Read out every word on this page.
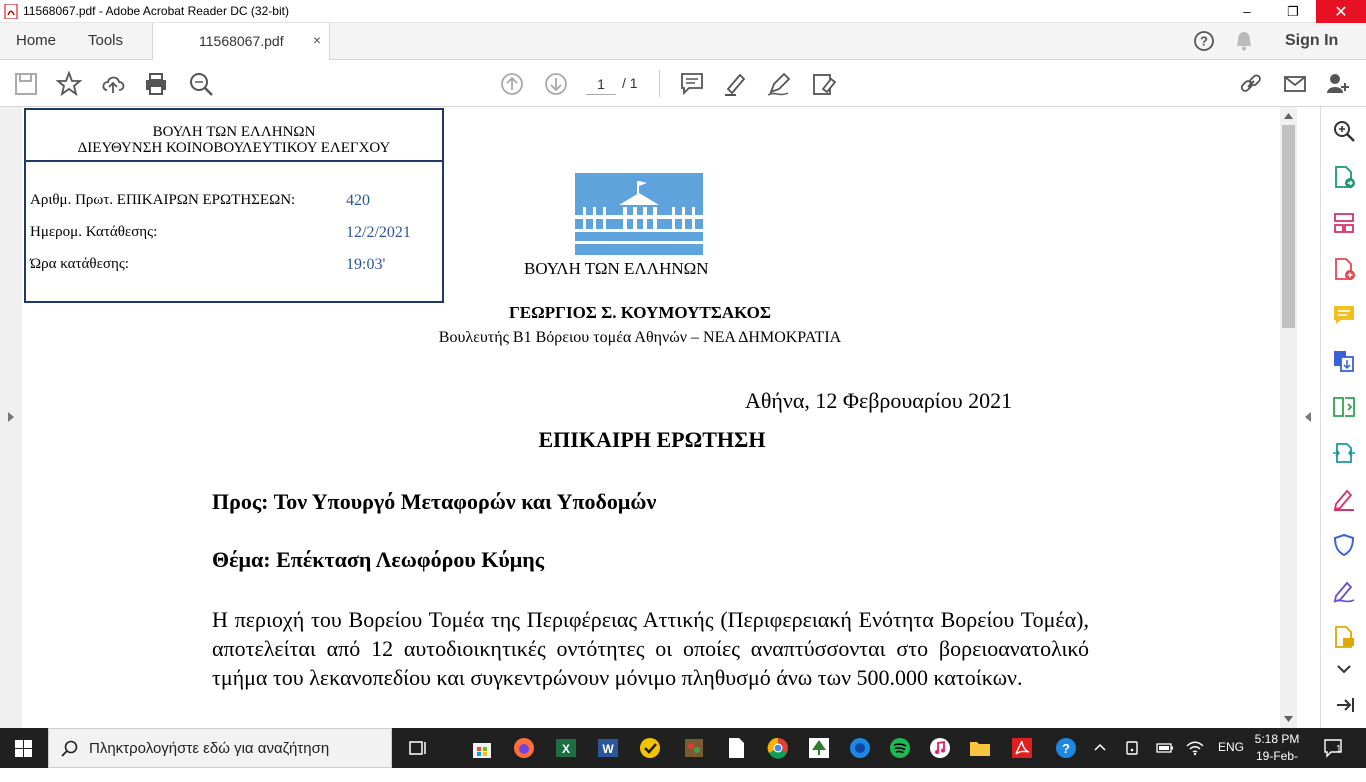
11568067.pdf - Adobe Acrobat Reader DC (32-bit)	–	❐	✕
Home Tools	11568067.pdf ×	?	Sign In
1	/ 1
ΒΟΥΛΗ ΤΩΝ ΕΛΛΗΝΩΝ
ΔΙΕΥΘΥΝΣΗ ΚΟΙΝΟΒΟΥΛΕΥΤΙΚΟΥ ΕΛΕΓΧΟΥ
Αριθμ. Πρωτ. ΕΠΙΚΑΙΡΩΝ ΕΡΩΤΗΣΕΩΝ:	420
Ημερομ. Κατάθεσης:	12/2/2021
Ώρα κατάθεσης:	19:03'	ΒΟΥΛΗ ΤΩΝ ΕΛΛΗΝΩΝ
ΓΕΩΡΓΙΟΣ Σ. ΚΟΥΜΟΥΤΣΑΚΟΣ
Βουλευτής Β1 Βόρειου τομέα Αθηνών – ΝΕΑ ΔΗΜΟΚΡΑΤΙΑ
Αθήνα, 12 Φεβρουαρίου 2021
ΕΠΙΚΑΙΡΗ ΕΡΩΤΗΣΗ
Προς: Τον Υπουργό Μεταφορών και Υποδομών
Θέμα: Επέκταση Λεωφόρου Κύμης
Η περιοχή του Βορείου Τομέα της Περιφέρειας Αττικής (Περιφερειακή Ενότητα Βορείου Τομέα), αποτελείται από 12 αυτοδιοικητικές οντότητες οι οποίες αναπτύσσονται στο βορειοανατολικό τμήμα του λεκανοπεδίου και συγκεντρώνουν μόνιμο πληθυσμό άνω των 500.000 κατοίκων.
Πληκτρολογήστε εδώ για αναζήτηση	X	W	?	ENG
5:18 PM
19-Feb-21
1
